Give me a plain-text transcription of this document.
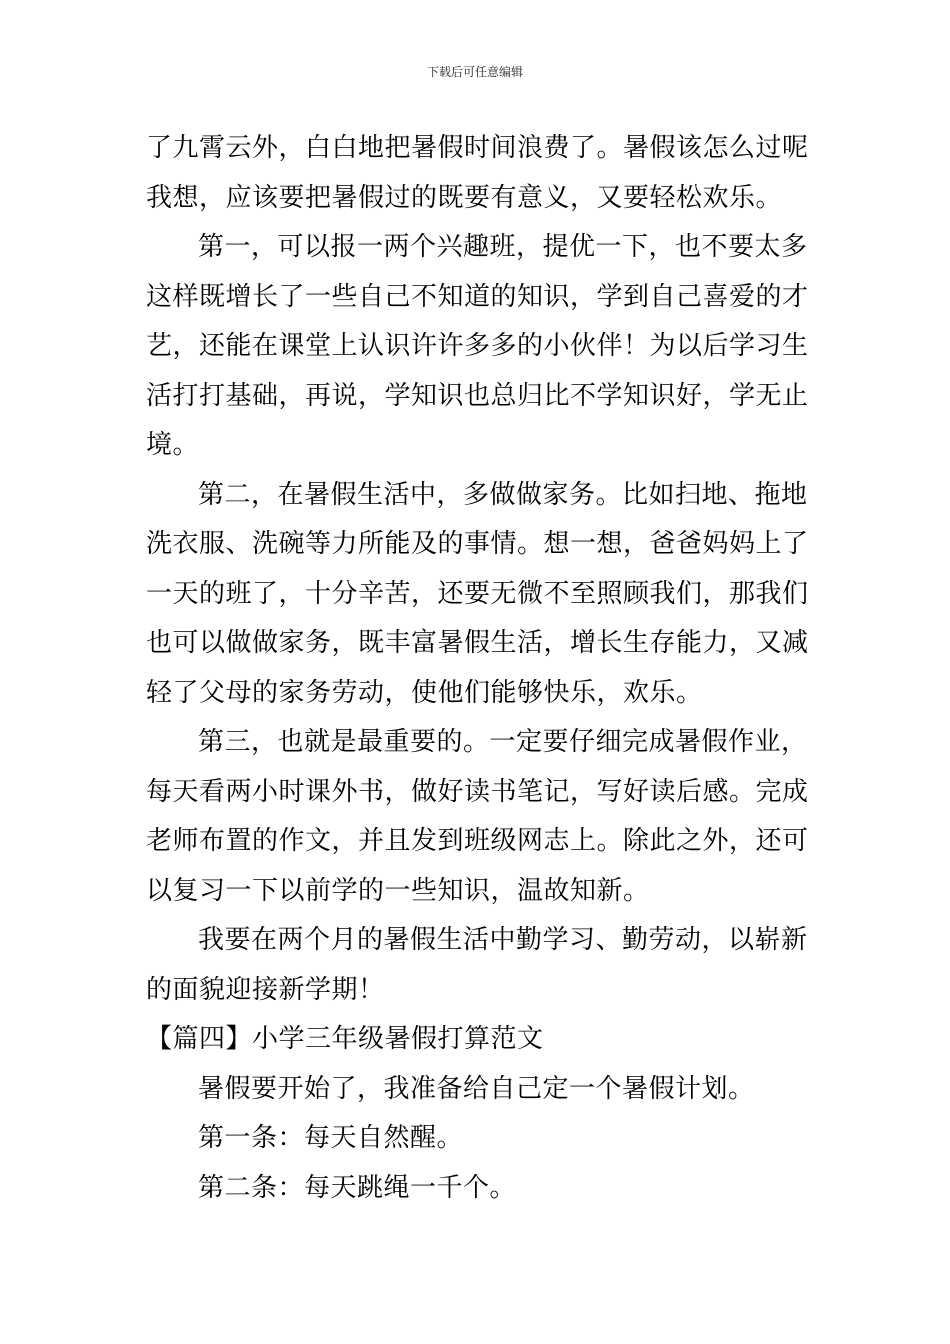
下载后可任意编辑
了九霄云外，白白地把暑假时间浪费了。暑假该怎么过呢
我想，应该要把暑假过的既要有意义，又要轻松欢乐。
第一，可以报一两个兴趣班，提优一下，也不要太多
这样既增长了一些自己不知道的知识，学到自己喜爱的才
艺，还能在课堂上认识许许多多的小伙伴！为以后学习生
活打打基础，再说，学知识也总归比不学知识好，学无止
境。
第二，在暑假生活中，多做做家务。比如扫地、拖地
洗衣服、洗碗等力所能及的事情。想一想，爸爸妈妈上了
一天的班了，十分辛苦，还要无微不至照顾我们，那我们
也可以做做家务，既丰富暑假生活，增长生存能力，又减
轻了父母的家务劳动，使他们能够快乐，欢乐。
第三，也就是最重要的。一定要仔细完成暑假作业，
每天看两小时课外书，做好读书笔记，写好读后感。完成
老师布置的作文，并且发到班级网志上。除此之外，还可
以复习一下以前学的一些知识，温故知新。
我要在两个月的暑假生活中勤学习、勤劳动，以崭新
的面貌迎接新学期！
【篇四】小学三年级暑假打算范文
暑假要开始了，我准备给自己定一个暑假计划。
第一条：每天自然醒。
第二条：每天跳绳一千个。
